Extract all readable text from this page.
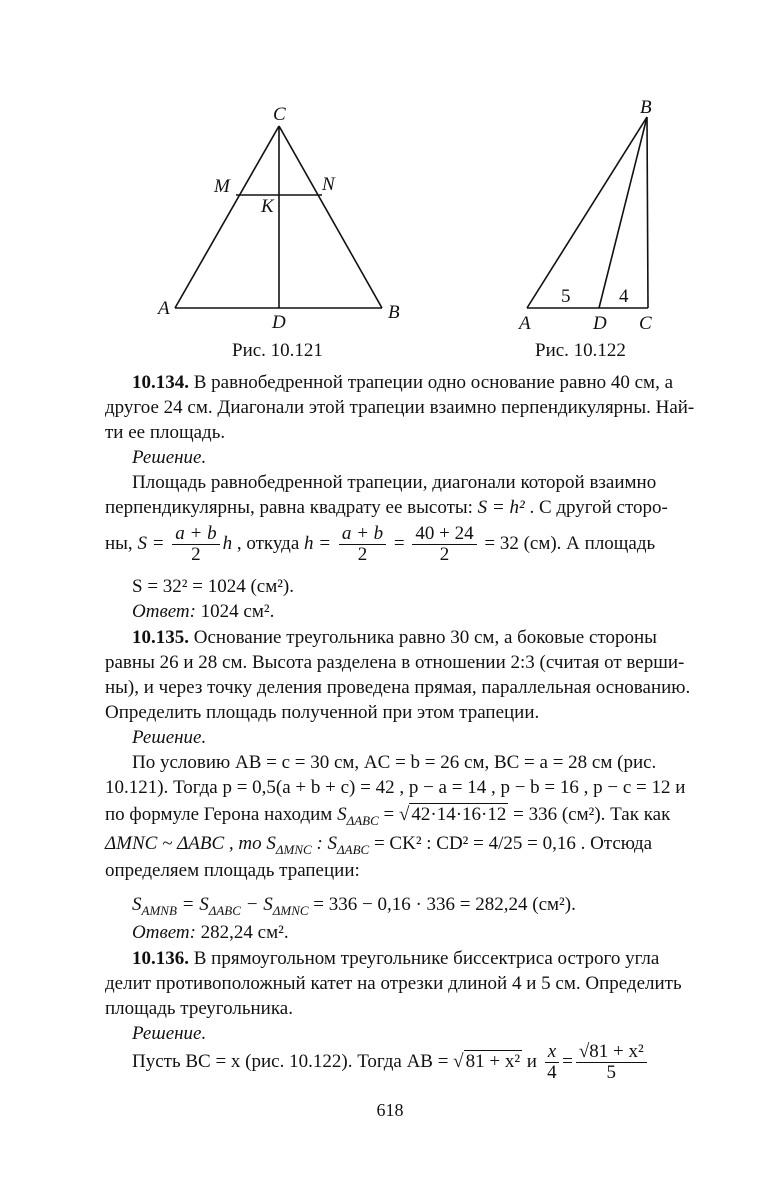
C
M	N
K
A
D	B
Рис. 10.121
B
5	4
A	D C
Рис. 10.122
10.134. В равнобедренной трапеции одно основание равно 40 см, а
другое 24 см. Диагонали этой трапеции взаимно перпендикулярны. Най-
ти ее площадь.
Решение.
Площадь равнобедренной трапеции, диагонали которой взаимно
перпендикулярны, равна квадрату ее высоты: S = h² . С другой сторо-
ны, $S = \frac{a + b}{2}$ h , откуда $h = \frac{a + b}{2} = \frac{40 + 24}{2} = 32$ (см). А площадь
S = 32² = 1024 (см²).
Ответ: 1024 см².
10.135. Основание треугольника равно 30 см, а боковые стороны
равны 26 и 28 см. Высота разделена в отношении 2:3 (считая от верши-
ны), и через точку деления проведена прямая, параллельная основанию.
Определить площадь полученной при этом трапеции.
Решение.
По условию AB = c = 30 см, AC = b = 26 см, BC = a = 28 см (рис.
10.121). Тогда p = 0,5(a + b + c) = 42 , p − a = 14 , p − b = 16 , p − c = 12 и
по формуле Герона находим $S_{\Delta ABC}$ = √ 42·14·16·12 = 336 (см²). Так как
ΔMNC ~ ΔABC , то $S_{\Delta MNC}$ : $S_{\Delta ABC} = CK^2$ : CD² = 4/25 = 0,16 . Отсюда
определяем площадь трапеции:
$S_{AMNB} = S_{\Delta ABC} - S_{\Delta MNC} = 336 - 0,16 \cdot 336 = 282,24$ (см²).
Ответ: 282,24 см².
10.136. В прямоугольном треугольнике биссектриса острого угла
делит противоположный катет на отрезки длиной 4 и 5 см. Определить
площадь треугольника.
Решение.
Пусть BC = x (рис. 10.122). Тогда AB = √ 81 + x² и $\frac{x}{4} = \frac{\text{√81 + x²}}{5}$
618
